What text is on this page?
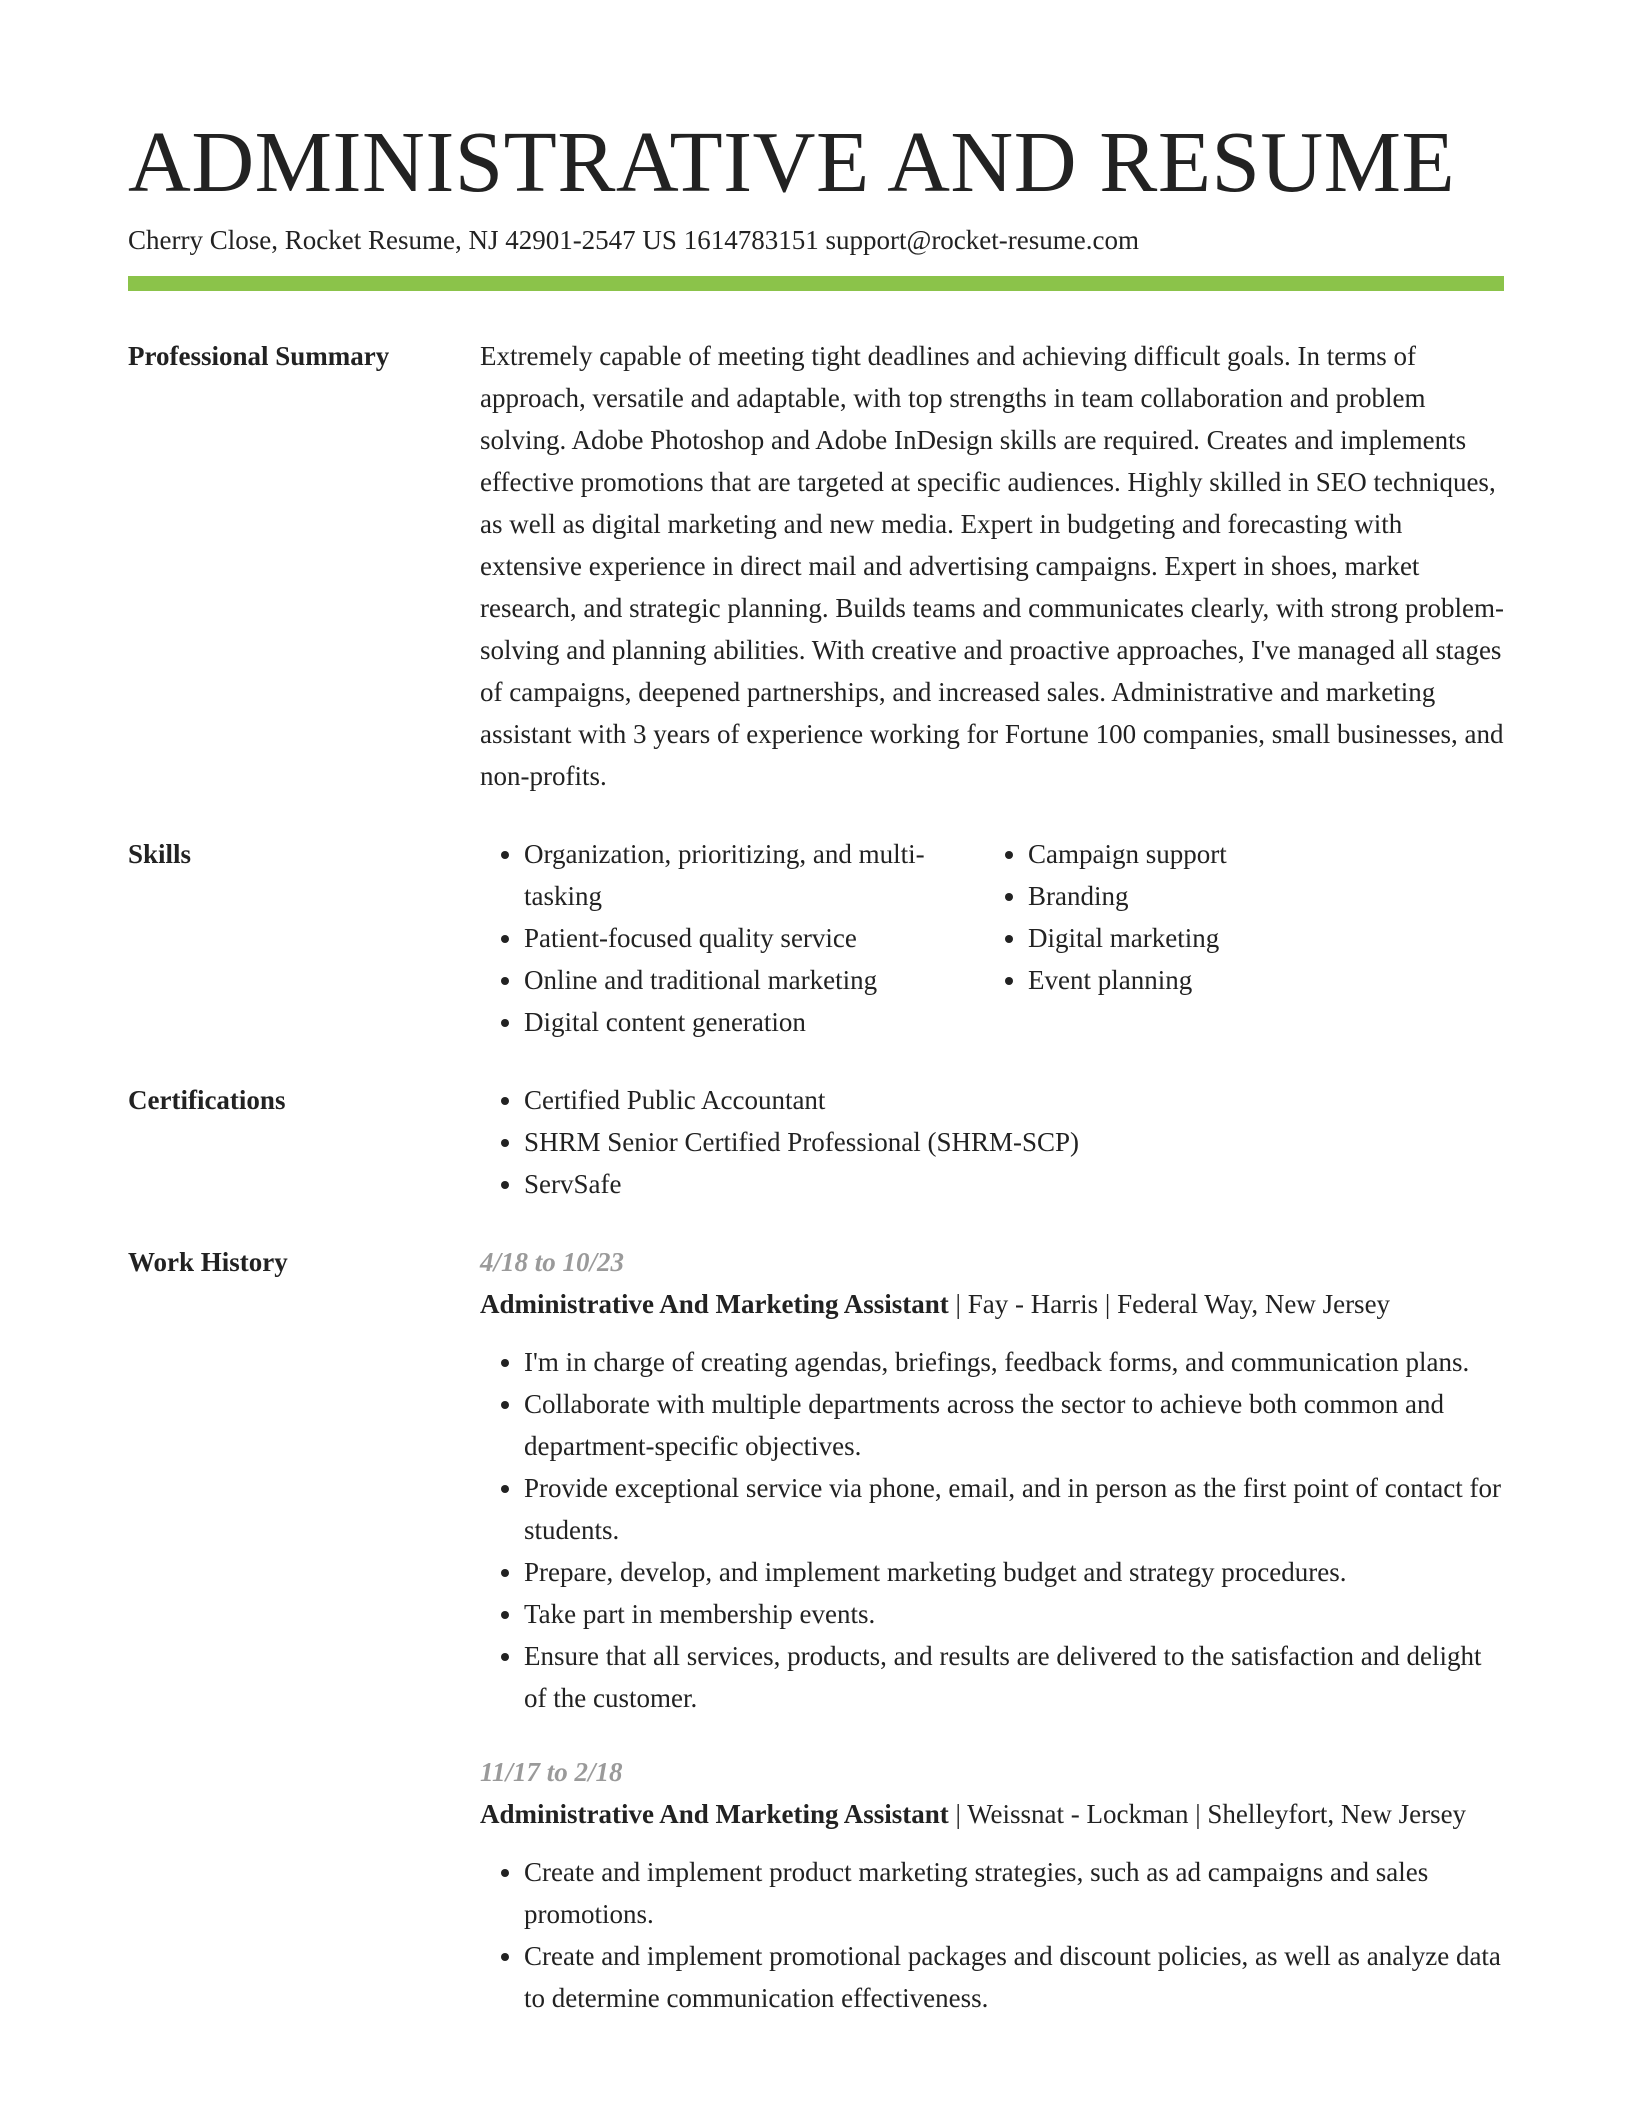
ADMINISTRATIVE AND RESUME
Cherry Close, Rocket Resume, NJ 42901-2547 US 1614783151 support@rocket-resume.com
Professional Summary	Extremely capable of meeting tight deadlines and achieving difficult goals. In terms of approach, versatile and adaptable, with top strengths in team collaboration and problem solving. Adobe Photoshop and Adobe InDesign skills are required. Creates and implements effective promotions that are targeted at specific audiences. Highly skilled in SEO techniques, as well as digital marketing and new media. Expert in budgeting and forecasting with extensive experience in direct mail and advertising campaigns. Expert in shoes, market research, and strategic planning. Builds teams and communicates clearly, with strong problem-solving and planning abilities. With creative and proactive approaches, I've managed all stages of campaigns, deepened partnerships, and increased sales. Administrative and marketing assistant with 3 years of experience working for Fortune 100 companies, small businesses, and non-profits.

Skills	• Organization, prioritizing, and multi-tasking
• Patient-focused quality service
• Online and traditional marketing
• Digital content generation
• Campaign support
• Branding
• Digital marketing
• Event planning
Certifications	• Certified Public Accountant
• SHRM Senior Certified Professional (SHRM-SCP)
• ServSafe
Work History	4/18 to 10/23
Administrative And Marketing Assistant | Fay - Harris | Federal Way, New Jersey
• I'm in charge of creating agendas, briefings, feedback forms, and communication plans.
• Collaborate with multiple departments across the sector to achieve both common and department-specific objectives.
• Provide exceptional service via phone, email, and in person as the first point of contact for students.
• Prepare, develop, and implement marketing budget and strategy procedures.
• Take part in membership events.
• Ensure that all services, products, and results are delivered to the satisfaction and delight of the customer.
11/17 to 2/18
Administrative And Marketing Assistant | Weissnat - Lockman | Shelleyfort, New Jersey
• Create and implement product marketing strategies, such as ad campaigns and sales promotions.
• Create and implement promotional packages and discount policies, as well as analyze data to determine communication effectiveness.
